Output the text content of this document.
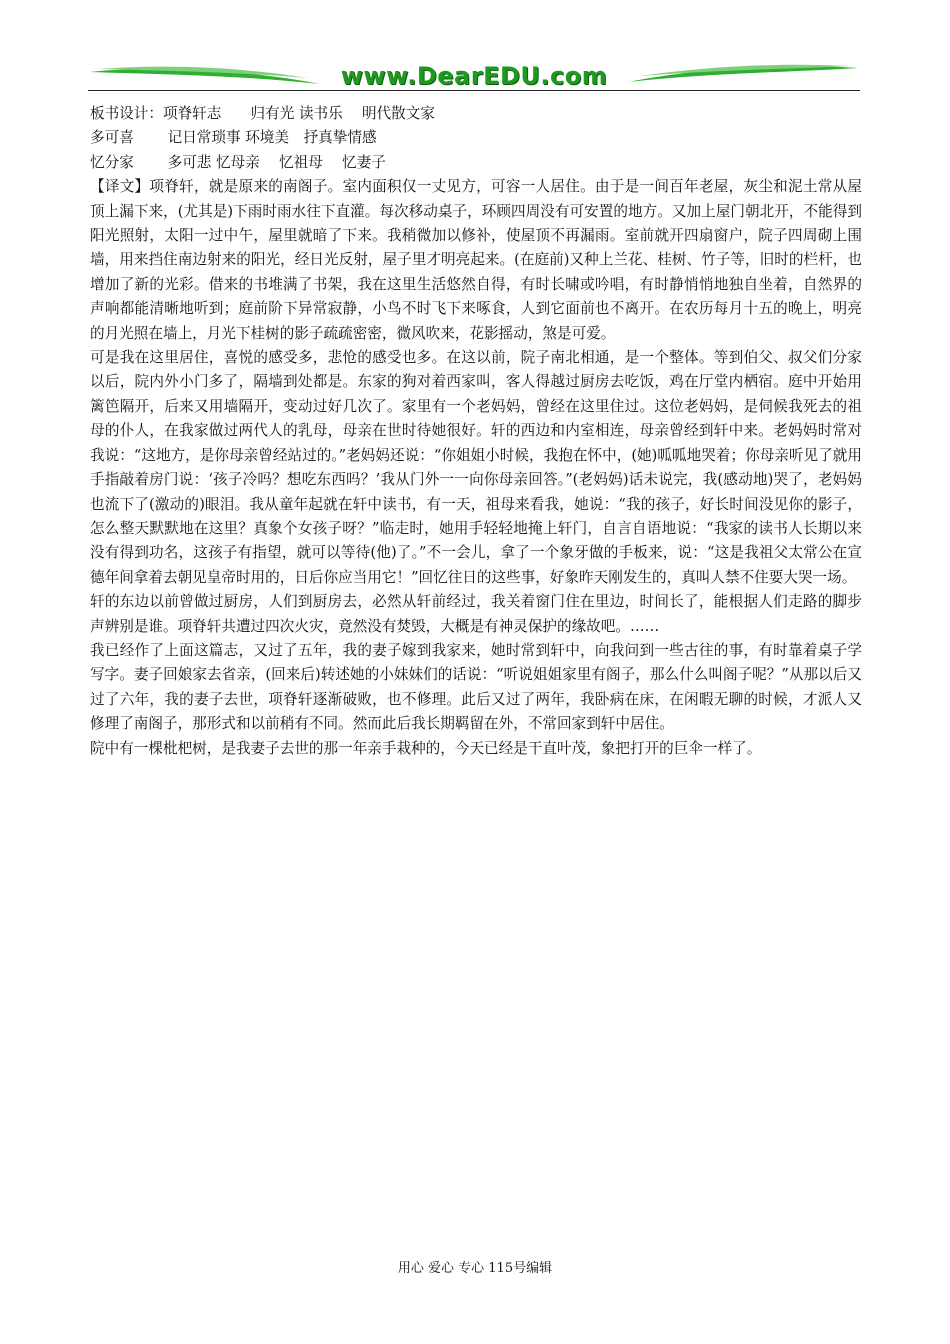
www.DearEDU.com

板书设计：项脊轩志　　归有光 读书乐　 明代散文家

多可喜　　 记日常琐事 环境美　抒真挚情感

忆分家　　 多可悲 忆母亲　 忆祖母　 忆妻子

【译文】项脊轩，就是原来的南阁子。室内面积仅一丈见方，可容一人居住。由于是一间百年老屋，灰尘和泥土常从屋顶上漏下来，(尤其是)下雨时雨水往下直灌。每次移动桌子，环顾四周没有可安置的地方。又加上屋门朝北开，不能得到阳光照射，太阳一过中午，屋里就暗了下来。我稍微加以修补，使屋顶不再漏雨。室前就开四扇窗户，院子四周砌上围墙，用来挡住南边射来的阳光，经日光反射，屋子里才明亮起来。(在庭前)又种上兰花、桂树、竹子等，旧时的栏杆，也增加了新的光彩。借来的书堆满了书架，我在这里生活悠然自得，有时长啸或吟唱，有时静悄悄地独自坐着，自然界的声响都能清晰地听到；庭前阶下异常寂静，小鸟不时飞下来啄食，人到它面前也不离开。在农历每月十五的晚上，明亮的月光照在墙上，月光下桂树的影子疏疏密密，微风吹来，花影摇动，煞是可爱。

可是我在这里居住，喜悦的感受多，悲怆的感受也多。在这以前，院子南北相通，是一个整体。等到伯父、叔父们分家以后，院内外小门多了，隔墙到处都是。东家的狗对着西家叫，客人得越过厨房去吃饭，鸡在厅堂内栖宿。庭中开始用篱笆隔开，后来又用墙隔开，变动过好几次了。家里有一个老妈妈，曾经在这里住过。这位老妈妈，是伺候我死去的祖母的仆人，在我家做过两代人的乳母，母亲在世时待她很好。轩的西边和内室相连，母亲曾经到轩中来。老妈妈时常对我说：“这地方，是你母亲曾经站过的。”老妈妈还说：“你姐姐小时候，我抱在怀中，(她)呱呱地哭着；你母亲听见了就用手指敲着房门说：‘孩子冷吗？想吃东西吗？’我从门外一一向你母亲回答。”(老妈妈)话未说完，我(感动地)哭了，老妈妈也流下了(激动的)眼泪。我从童年起就在轩中读书，有一天，祖母来看我，她说：“我的孩子，好长时间没见你的影子，怎么整天默默地在这里？真象个女孩子呀？”临走时，她用手轻轻地掩上轩门，自言自语地说：“我家的读书人长期以来没有得到功名，这孩子有指望，就可以等待(他)了。”不一会儿，拿了一个象牙做的手板来，说：“这是我祖父太常公在宣德年间拿着去朝见皇帝时用的，日后你应当用它！”回忆往日的这些事，好象昨天刚发生的，真叫人禁不住要大哭一场。

轩的东边以前曾做过厨房，人们到厨房去，必然从轩前经过，我关着窗门住在里边，时间长了，能根据人们走路的脚步声辨别是谁。项脊轩共遭过四次火灾，竟然没有焚毁，大概是有神灵保护的缘故吧。……

我已经作了上面这篇志，又过了五年，我的妻子嫁到我家来，她时常到轩中，向我问到一些古往的事，有时靠着桌子学写字。妻子回娘家去省亲，(回来后)转述她的小妹妹们的话说：“听说姐姐家里有阁子，那么什么叫阁子呢？”从那以后又过了六年，我的妻子去世，项脊轩逐渐破败，也不修理。此后又过了两年，我卧病在床，在闲暇无聊的时候，才派人又修理了南阁子，那形式和以前稍有不同。然而此后我长期羁留在外，不常回家到轩中居住。

院中有一棵枇杷树，是我妻子去世的那一年亲手栽种的，今天已经是干直叶茂，象把打开的巨伞一样了。

用心 爱心 专心 115号编辑
